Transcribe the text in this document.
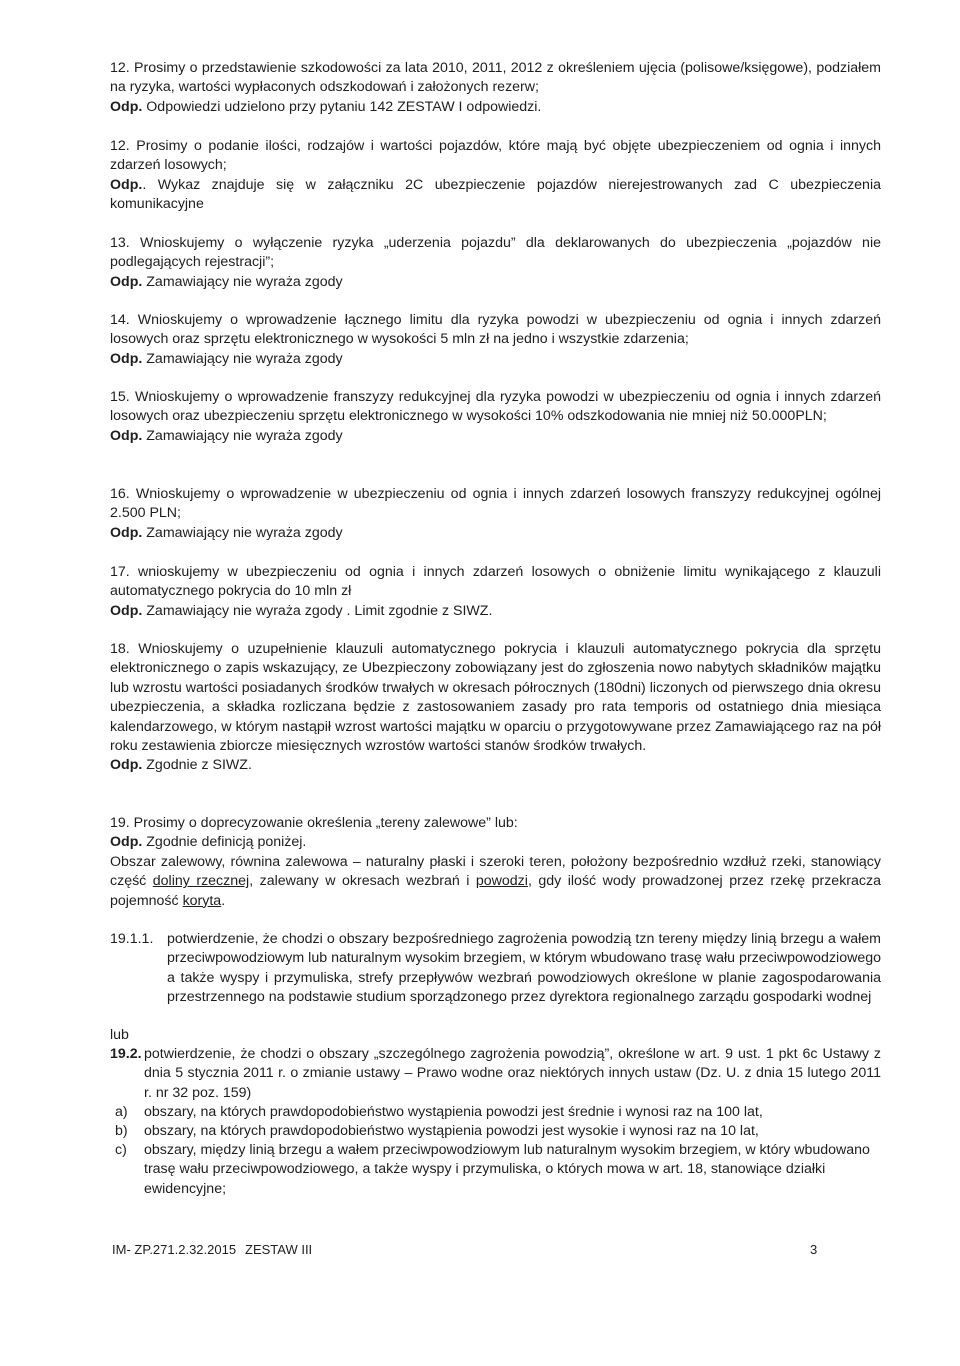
12. Prosimy o przedstawienie szkodowości za lata 2010, 2011, 2012 z określeniem ujęcia (polisowe/księgowe), podziałem na ryzyka, wartości wypłaconych odszkodowań i założonych rezerw;
Odp. Odpowiedzi udzielono przy pytaniu 142 ZESTAW I odpowiedzi.
12. Prosimy o podanie ilości, rodzajów i wartości pojazdów, które mają być objęte ubezpieczeniem od ognia i innych zdarzeń losowych;
Odp.. Wykaz znajduje się w załączniku 2C ubezpieczenie pojazdów nierejestrowanych zad C ubezpieczenia komunikacyjne
13. Wnioskujemy o wyłączenie ryzyka „uderzenia pojazdu” dla deklarowanych do ubezpieczenia „pojazdów nie podlegających rejestracji”;
Odp. Zamawiający nie wyraża zgody
14. Wnioskujemy o wprowadzenie łącznego limitu dla ryzyka powodzi w ubezpieczeniu od ognia i innych zdarzeń losowych oraz sprzętu elektronicznego w wysokości 5 mln zł na jedno i wszystkie zdarzenia;
Odp. Zamawiający nie wyraża zgody
15. Wnioskujemy o wprowadzenie franszyzy redukcyjnej dla ryzyka powodzi w ubezpieczeniu od ognia i innych zdarzeń losowych oraz ubezpieczeniu sprzętu elektronicznego w wysokości 10% odszkodowania nie mniej niż 50.000PLN;
Odp. Zamawiający nie wyraża zgody
16. Wnioskujemy o wprowadzenie w ubezpieczeniu od ognia i innych zdarzeń losowych franszyzy redukcyjnej ogólnej 2.500 PLN;
Odp. Zamawiający nie wyraża zgody
17. wnioskujemy w ubezpieczeniu od ognia i innych zdarzeń losowych o obniżenie limitu wynikającego z klauzuli automatycznego pokrycia do 10 mln zł
Odp. Zamawiający nie wyraża zgody . Limit zgodnie z SIWZ.
18. Wnioskujemy o uzupełnienie klauzuli automatycznego pokrycia i klauzuli automatycznego pokrycia dla sprzętu elektronicznego o zapis wskazujący, ze Ubezpieczony zobowiązany jest do zgłoszenia nowo nabytych składników majątku lub wzrostu wartości posiadanych środków trwałych w okresach półrocznych (180dni) liczonych od pierwszego dnia okresu ubezpieczenia, a składka rozliczana będzie z zastosowaniem zasady pro rata temporis od ostatniego dnia miesiąca kalendarzowego, w którym nastąpił wzrost wartości majątku w oparciu o przygotowywane przez Zamawiającego raz na pół roku zestawienia zbiorcze miesięcznych wzrostów wartości stanów środków trwałych.
Odp. Zgodnie z SIWZ.
19. Prosimy o doprecyzowanie określenia „tereny zalewowe” lub:
Odp. Zgodnie definicją poniżej.
Obszar zalewowy, równina zalewowa – naturalny płaski i szeroki teren, położony bezpośrednio wzdłuż rzeki, stanowiący część doliny rzecznej, zalewany w okresach wezbrań i powodzi, gdy ilość wody prowadzonej przez rzekę przekracza pojemność koryta.
19.1.1. potwierdzenie, że chodzi o obszary bezpośredniego zagrożenia powodzią tzn tereny między linią brzegu a wałem przeciwpowodziowym lub naturalnym wysokim brzegiem, w którym wbudowano trasę wału przeciwpowodziowego a także wyspy i przymuliska, strefy przepływów wezbrań powodziowych określone w planie zagospodarowania przestrzennego na podstawie studium sporządzonego przez dyrektora regionalnego zarządu gospodarki wodnej
lub
19.2. potwierdzenie, że chodzi o obszary „szczególnego zagrożenia powodzią”, określone w art. 9 ust. 1 pkt 6c Ustawy z dnia 5 stycznia 2011 r. o zmianie ustawy – Prawo wodne oraz niektórych innych ustaw (Dz. U. z dnia 15 lutego 2011 r. nr 32 poz. 159)
a) obszary, na których prawdopodobieństwo wystąpienia powodzi jest średnie i wynosi raz na 100 lat,
b) obszary, na których prawdopodobieństwo wystąpienia powodzi jest wysokie i wynosi raz na 10 lat,
c) obszary, między linią brzegu a wałem przeciwpowodziowym lub naturalnym wysokim brzegiem, w który wbudowano trasę wału przeciwpowodziowego, a także wyspy i przymuliska, o których mowa w art. 18, stanowiące działki ewidencyjne;
IM- ZP.271.2.32.2015 ZESTAW III	3
